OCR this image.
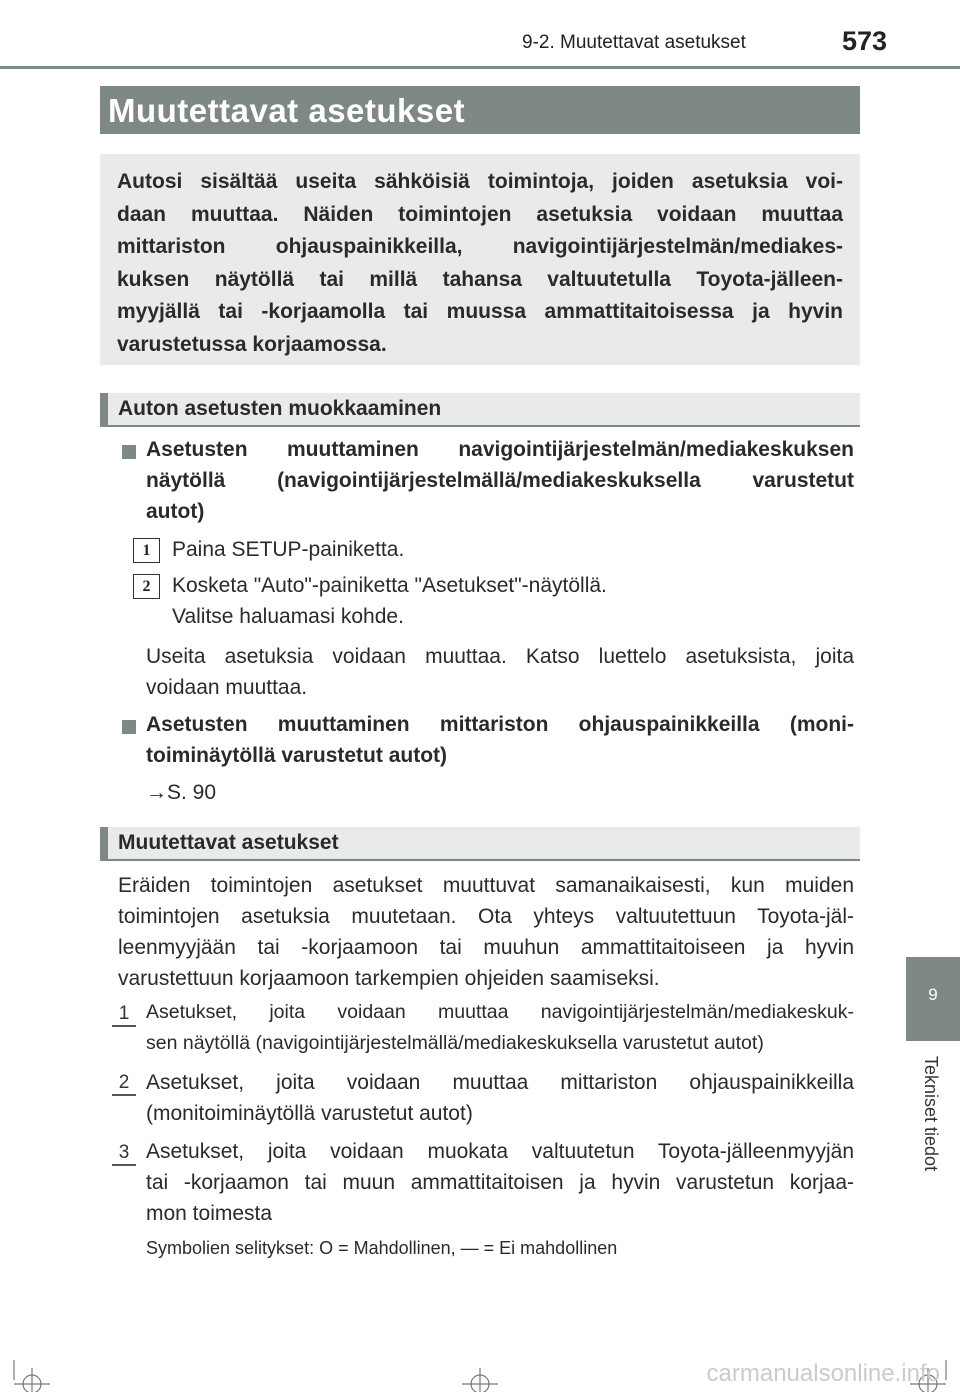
9-2. Muutettavat asetukset	573
Muutettavat asetukset
Autosi sisältää useita sähköisiä toimintoja, joiden asetuksia voi-
daan muuttaa. Näiden toimintojen asetuksia voidaan muuttaa
mittariston ohjauspainikkeilla, navigointijärjestelmän/mediakes-
kuksen näytöllä tai millä tahansa valtuutetulla Toyota-jälleen-
myyjällä tai -korjaamolla tai muussa ammattitaitoisessa ja hyvin
varustetussa korjaamossa.
Auton asetusten muokkaaminen
Asetusten muuttaminen navigointijärjestelmän/mediakeskuksen
näytöllä (navigointijärjestelmällä/mediakeskuksella varustetut
autot)
1	Paina SETUP-painiketta.
2	Kosketa "Auto"-painiketta "Asetukset"-näytöllä.
Valitse haluamasi kohde.
Useita asetuksia voidaan muuttaa. Katso luettelo asetuksista, joita
voidaan muuttaa.
Asetusten muuttaminen mittariston ohjauspainikkeilla (moni-
toiminäytöllä varustetut autot)
→S. 90
Muutettavat asetukset
Eräiden toimintojen asetukset muuttuvat samanaikaisesti, kun muiden
toimintojen asetuksia muutetaan. Ota yhteys valtuutettuun Toyota-jäl-
leenmyyjään tai -korjaamoon tai muuhun ammattitaitoiseen ja hyvin
varustettuun korjaamoon tarkempien ohjeiden saamiseksi.
1 Asetukset, joita voidaan muuttaa navigointijärjestelmän/mediakeskuk-
sen näytöllä (navigointijärjestelmällä/mediakeskuksella varustetut autot)
2 Asetukset, joita voidaan muuttaa mittariston ohjauspainikkeilla
(monitoiminäytöllä varustetut autot)
3 Asetukset, joita voidaan muokata valtuutetun Toyota-jälleenmyyjän
tai -korjaamon tai muun ammattitaitoisen ja hyvin varustetun korjaa-
mon toimesta
Symbolien selitykset: O = Mahdollinen, — = Ei mahdollinen
9
Tekniset tiedot
carmanualsonline.info
